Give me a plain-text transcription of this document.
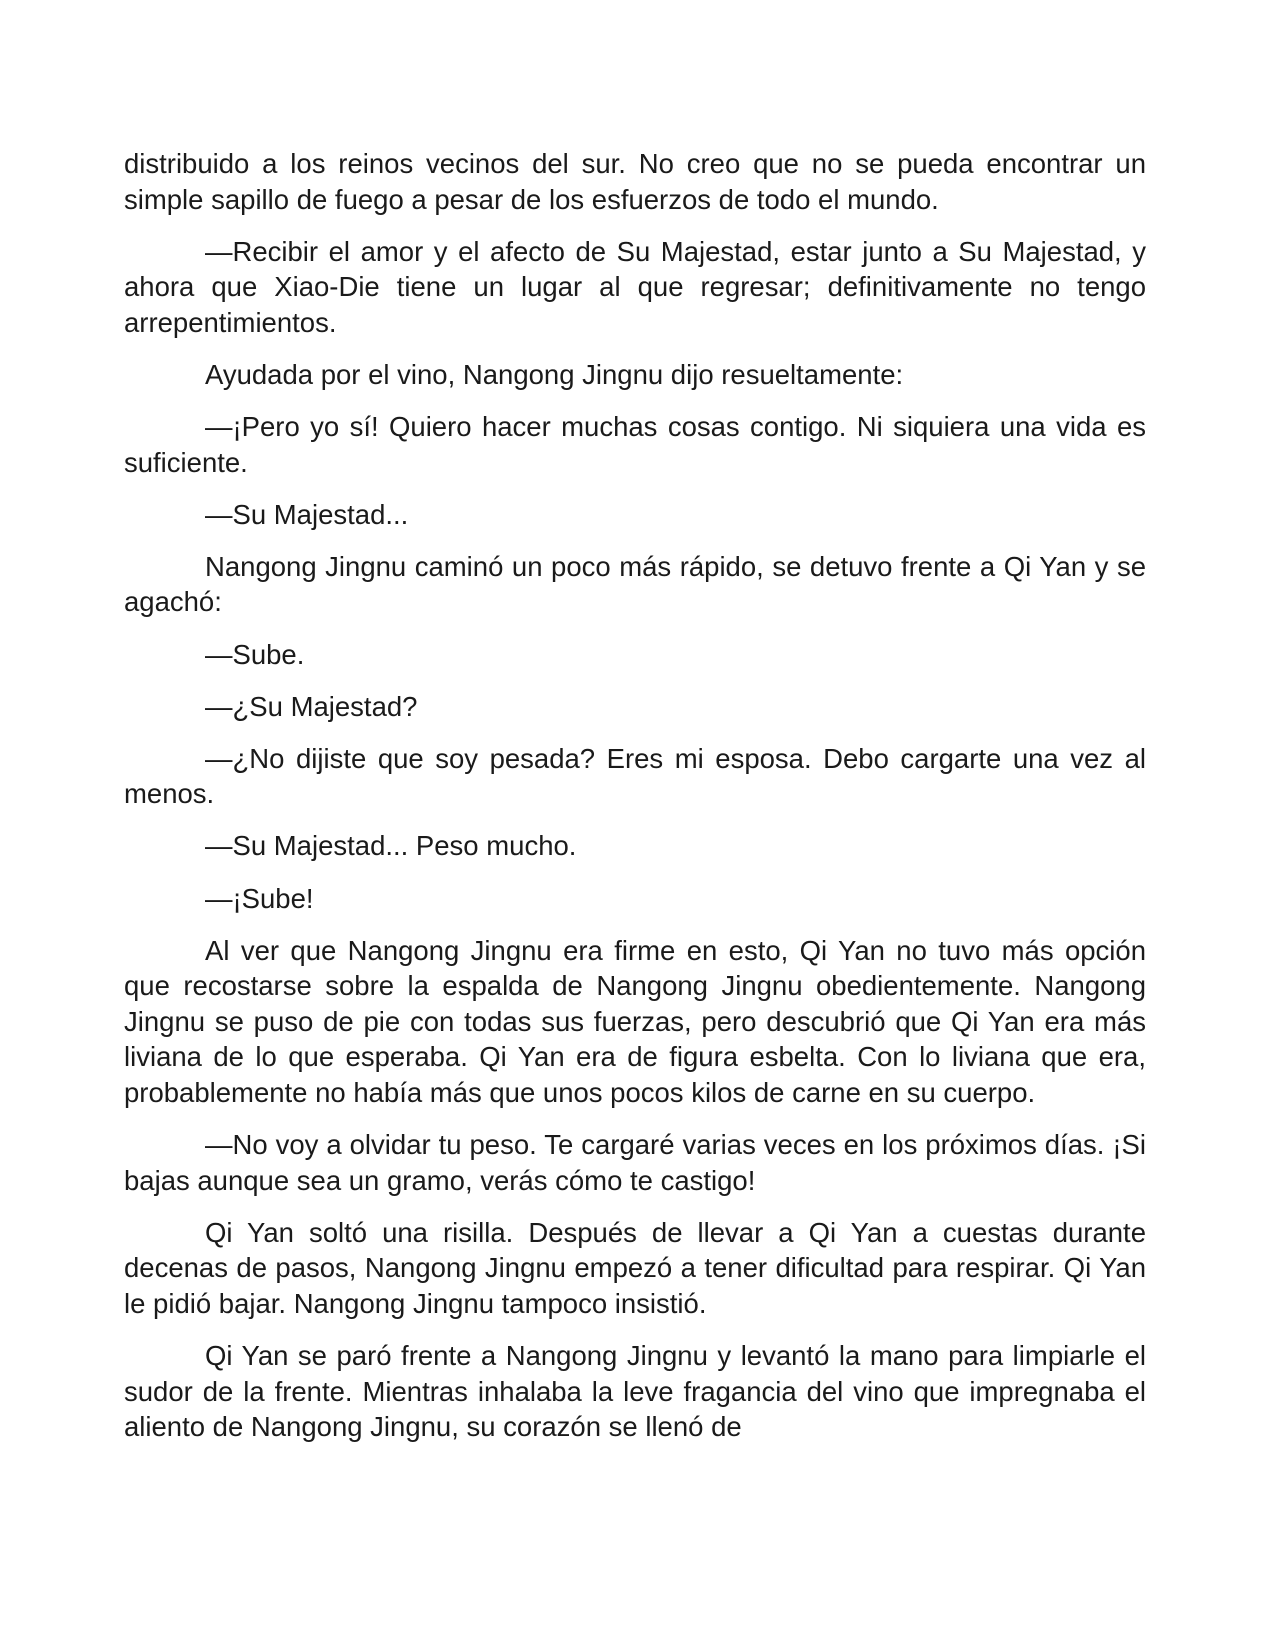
distribuido a los reinos vecinos del sur. No creo que no se pueda encontrar un simple sapillo de fuego a pesar de los esfuerzos de todo el mundo.

—Recibir el amor y el afecto de Su Majestad, estar junto a Su Majestad, y ahora que Xiao-Die tiene un lugar al que regresar; definitivamente no tengo arrepentimientos.

Ayudada por el vino, Nangong Jingnu dijo resueltamente:

—¡Pero yo sí! Quiero hacer muchas cosas contigo. Ni siquiera una vida es suficiente.

—Su Majestad...

Nangong Jingnu caminó un poco más rápido, se detuvo frente a Qi Yan y se agachó:

—Sube.

—¿Su Majestad?

—¿No dijiste que soy pesada? Eres mi esposa. Debo cargarte una vez al menos.

—Su Majestad... Peso mucho.

—¡Sube!

Al ver que Nangong Jingnu era firme en esto, Qi Yan no tuvo más opción que recostarse sobre la espalda de Nangong Jingnu obedientemente. Nangong Jingnu se puso de pie con todas sus fuerzas, pero descubrió que Qi Yan era más liviana de lo que esperaba. Qi Yan era de figura esbelta. Con lo liviana que era, probablemente no había más que unos pocos kilos de carne en su cuerpo.

—No voy a olvidar tu peso. Te cargaré varias veces en los próximos días. ¡Si bajas aunque sea un gramo, verás cómo te castigo!

Qi Yan soltó una risilla. Después de llevar a Qi Yan a cuestas durante decenas de pasos, Nangong Jingnu empezó a tener dificultad para respirar. Qi Yan le pidió bajar. Nangong Jingnu tampoco insistió.

Qi Yan se paró frente a Nangong Jingnu y levantó la mano para limpiarle el sudor de la frente. Mientras inhalaba la leve fragancia del vino que impregnaba el aliento de Nangong Jingnu, su corazón se llenó de
